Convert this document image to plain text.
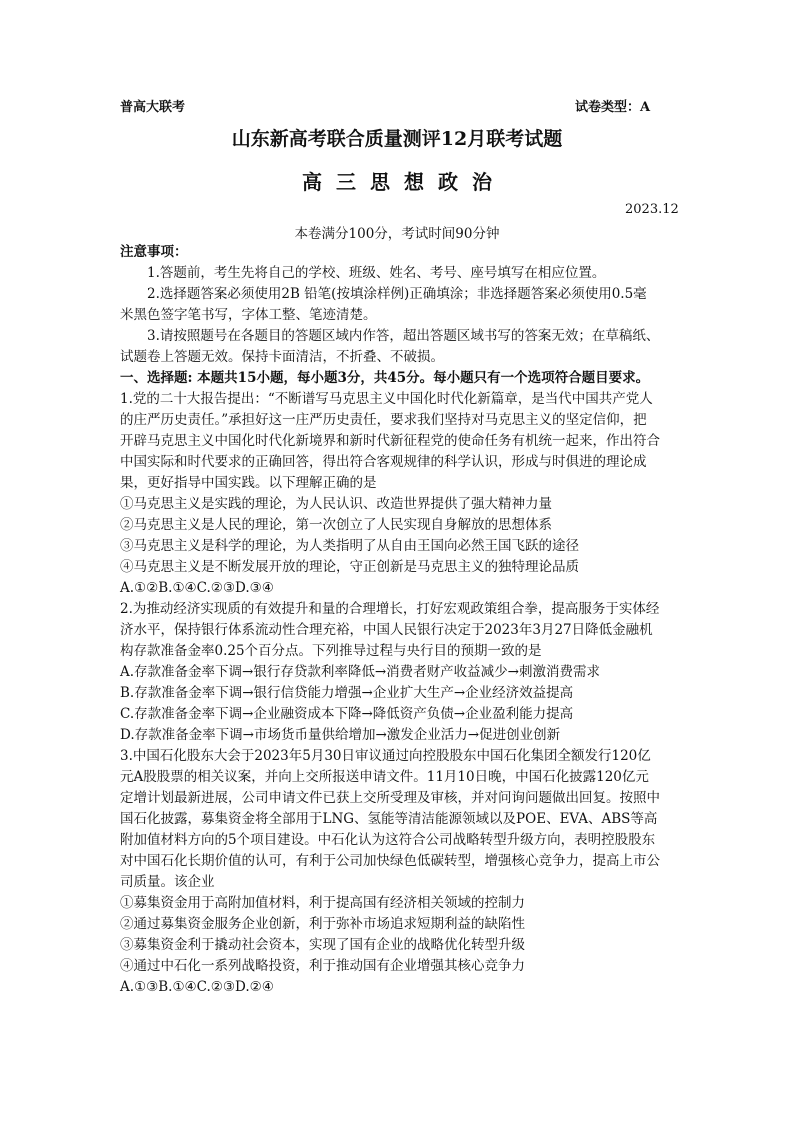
普高大联考	试卷类型：A
山东新高考联合质量测评12月联考试题
高三思想政治
2023.12
本卷满分100分，考试时间90分钟

注意事项：

1.答题前，考生先将自己的学校、班级、姓名、考号、座号填写在相应位置。

2.选择题答案必须使用2B 铅笔(按填涂样例)正确填涂；非选择题答案必须使用0.5毫米黑色签字笔书写，字体工整、笔迹清楚。

3.请按照题号在各题目的答题区域内作答，超出答题区域书写的答案无效；在草稿纸、试题卷上答题无效。保持卡面清洁，不折叠、不破损。

一、选择题: 本题共15小题，每小题3分，共45分。每小题只有一个选项符合题目要求。

1.党的二十大报告提出：“不断谱写马克思主义中国化时代化新篇章，是当代中国共产党人的庄严历史责任。”承担好这一庄严历史责任，要求我们坚持对马克思主义的坚定信仰，把开辟马克思主义中国化时代化新境界和新时代新征程党的使命任务有机统一起来，作出符合中国实际和时代要求的正确回答，得出符合客观规律的科学认识，形成与时俱进的理论成果，更好指导中国实践。以下理解正确的是

①马克思主义是实践的理论，为人民认识、改造世界提供了强大精神力量

②马克思主义是人民的理论，第一次创立了人民实现自身解放的思想体系

③马克思主义是科学的理论，为人类指明了从自由王国向必然王国飞跃的途径

④马克思主义是不断发展开放的理论，守正创新是马克思主义的独特理论品质

A.①②B.①④C.②③D.③④

2.为推动经济实现质的有效提升和量的合理增长，打好宏观政策组合拳，提高服务于实体经济水平，保持银行体系流动性合理充裕，中国人民银行决定于2023年3月27日降低金融机构存款准备金率0.25个百分点。下列推导过程与央行目的预期一致的是

A.存款准备金率下调→银行存贷款利率降低→消费者财产收益减少→刺激消费需求

B.存款准备金率下调→银行信贷能力增强→企业扩大生产→企业经济效益提高

C.存款准备金率下调→企业融资成本下降→降低资产负债→企业盈利能力提高

D.存款准备金率下调→市场货币量供给增加→激发企业活力→促进创业创新

3.中国石化股东大会于2023年5月30日审议通过向控股股东中国石化集团全额发行120亿元A股股票的相关议案，并向上交所报送申请文件。11月10日晚，中国石化披露120亿元定增计划最新进展，公司申请文件已获上交所受理及审核，并对问询问题做出回复。按照中国石化披露，募集资金将全部用于LNG、氢能等清洁能源领域以及POE、EVA、ABS等高附加值材料方向的5个项目建设。中石化认为这符合公司战略转型升级方向，表明控股股东对中国石化长期价值的认可，有利于公司加快绿色低碳转型，增强核心竞争力，提高上市公司质量。该企业

①募集资金用于高附加值材料，利于提高国有经济相关领域的控制力

②通过募集资金服务企业创新，利于弥补市场追求短期利益的缺陷性

③募集资金利于撬动社会资本，实现了国有企业的战略优化转型升级

④通过中石化一系列战略投资，利于推动国有企业增强其核心竞争力

A.①③B.①④C.②③D.②④
